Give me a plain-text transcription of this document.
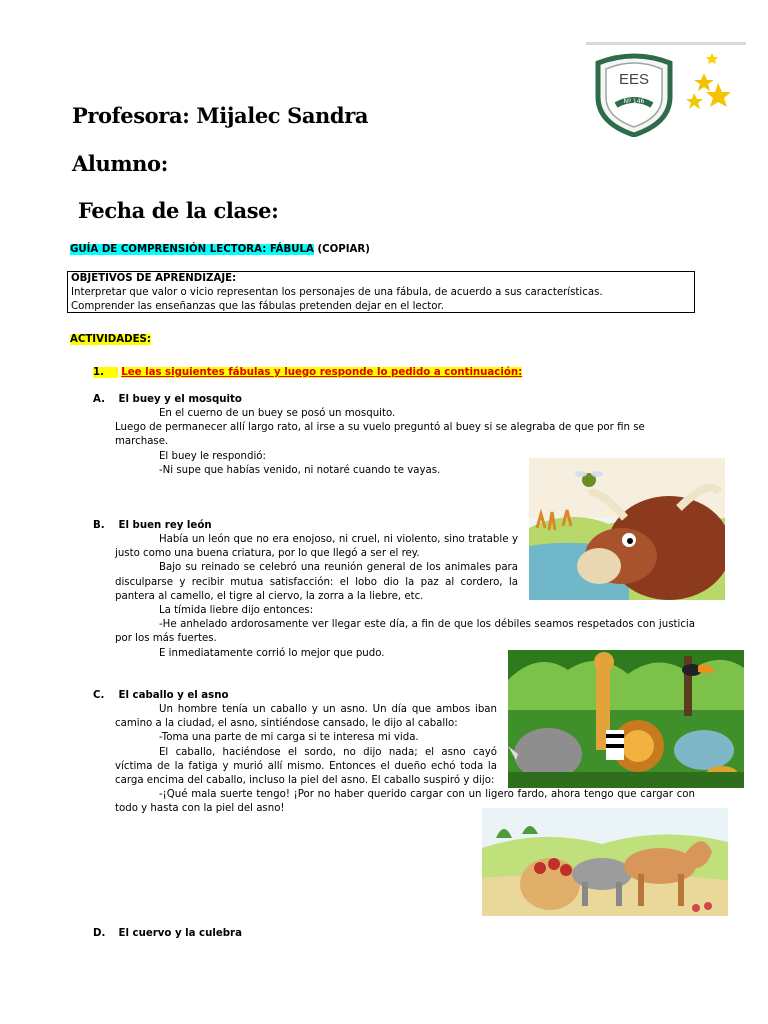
EES
Nº 146
Profesora: Mijalec Sandra
Alumno:
Fecha de la clase:
GUÍA DE COMPRENSIÓN LECTORA: FÁBULA (COPIAR)
OBJETIVOS DE APRENDIZAJE:
Interpretar que valor o vicio representan los personajes de una fábula, de acuerdo a sus características.
Comprender las enseñanzas que las fábulas pretenden dejar en el lector.
ACTIVIDADES:
1. Lee las siguientes fábulas y luego responde lo pedido a continuación:
A. El buey y el mosquito
En el cuerno de un buey se posó un mosquito.
Luego de permanecer allí largo rato, al irse a su vuelo preguntó al buey si se alegraba de que por fin se marchase.
El buey le respondió:
-Ni supe que habías venido, ni notaré cuando te vayas.
B. El buen rey león
Había un león que no era enojoso, ni cruel, ni violento, sino tratable y justo como una buena criatura, por lo que llegó a ser el rey.
Bajo su reinado se celebró una reunión general de los animales para disculparse y recibir mutua satisfacción: el lobo dio la paz al cordero, la pantera al camello, el tigre al ciervo, la zorra a la liebre, etc.
La tímida liebre dijo entonces:
-He anhelado ardorosamente ver llegar este día, a fin de que los débiles seamos respetados con justicia por los más fuertes.
E inmediatamente corrió lo mejor que pudo.
C. El caballo y el asno
Un hombre tenía un caballo y un asno. Un día que ambos iban camino a la ciudad, el asno, sintiéndose cansado, le dijo al caballo:
-Toma una parte de mi carga si te interesa mi vida.
El caballo, haciéndose el sordo, no dijo nada; el asno cayó víctima de la fatiga y murió allí mismo. Entonces el dueño echó toda la carga encima del caballo, incluso la piel del asno. El caballo suspiró y dijo:
-¡Qué mala suerte tengo! ¡Por no haber querido cargar con un ligero fardo, ahora tengo que cargar con todo y hasta con la piel del asno!
D. El cuervo y la culebra
